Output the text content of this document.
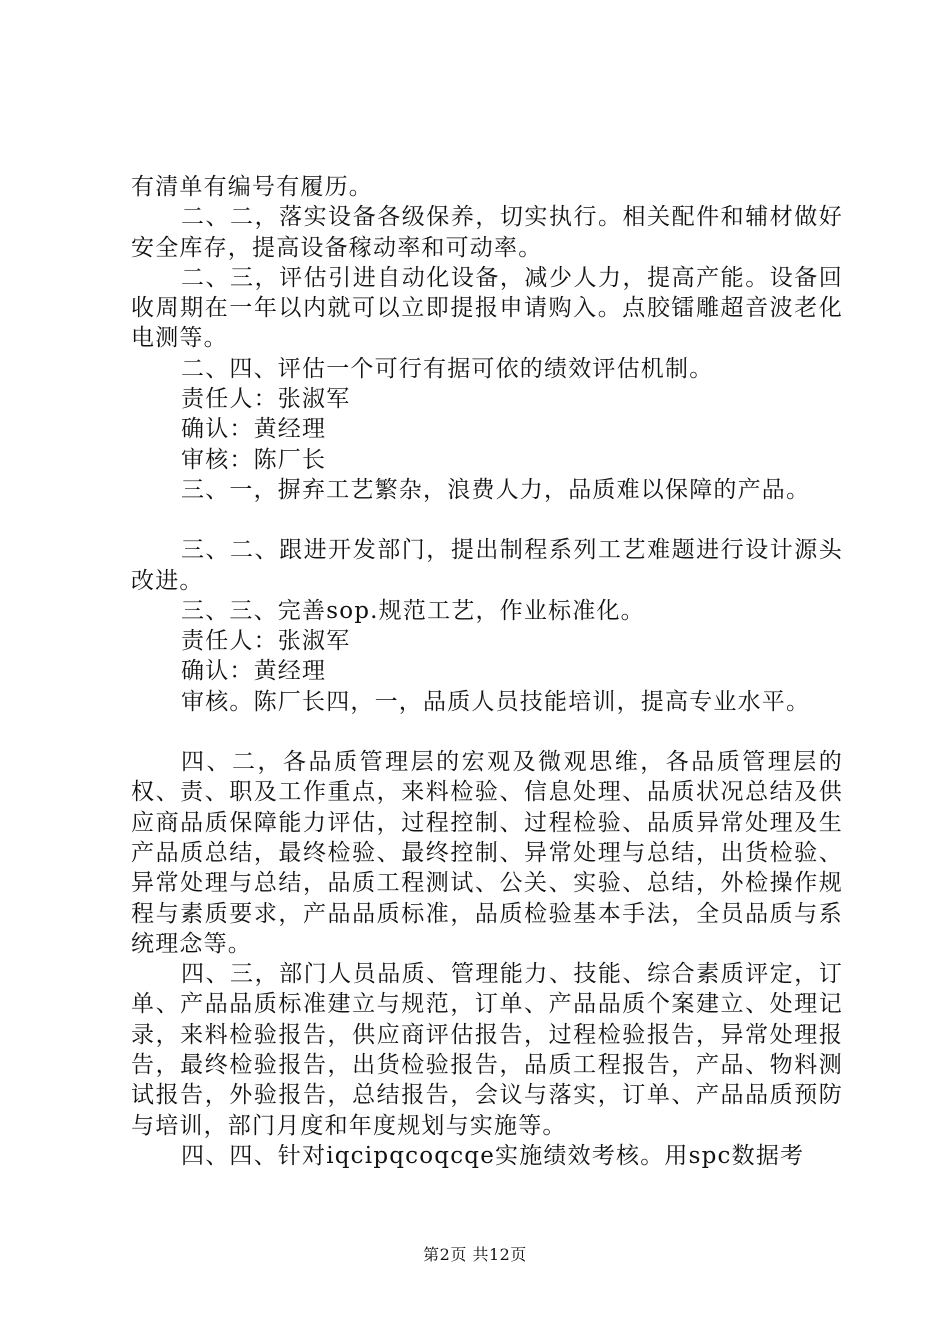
有清单有编号有履历。

二、二，落实设备各级保养，切实执行。相关配件和辅材做好安全库存，提高设备稼动率和可动率。

二、三，评估引进自动化设备，减少人力，提高产能。设备回收周期在一年以内就可以立即提报申请购入。点胶镭雕超音波老化电测等。

二、四、评估一个可行有据可依的绩效评估机制。

责任人：张淑军

确认：黄经理

审核：陈厂长

三、一，摒弃工艺繁杂，浪费人力，品质难以保障的产品。

三、二、跟进开发部门，提出制程系列工艺难题进行设计源头改进。

三、三、完善sop.规范工艺，作业标准化。

责任人：张淑军

确认：黄经理

审核。陈厂长四，一，品质人员技能培训，提高专业水平。

四、二，各品质管理层的宏观及微观思维，各品质管理层的权、责、职及工作重点，来料检验、信息处理、品质状况总结及供应商品质保障能力评估，过程控制、过程检验、品质异常处理及生产品质总结，最终检验、最终控制、异常处理与总结，出货检验、异常处理与总结，品质工程测试、公关、实验、总结，外检操作规程与素质要求，产品品质标准，品质检验基本手法，全员品质与系统理念等。

四、三，部门人员品质、管理能力、技能、综合素质评定，订单、产品品质标准建立与规范，订单、产品品质个案建立、处理记录，来料检验报告，供应商评估报告，过程检验报告，异常处理报告，最终检验报告，出货检验报告，品质工程报告，产品、物料测试报告，外验报告，总结报告，会议与落实，订单、产品品质预防与培训，部门月度和年度规划与实施等。

四、四、针对iqcipqcoqcqe实施绩效考核。用spc数据考

第2页 共12页
